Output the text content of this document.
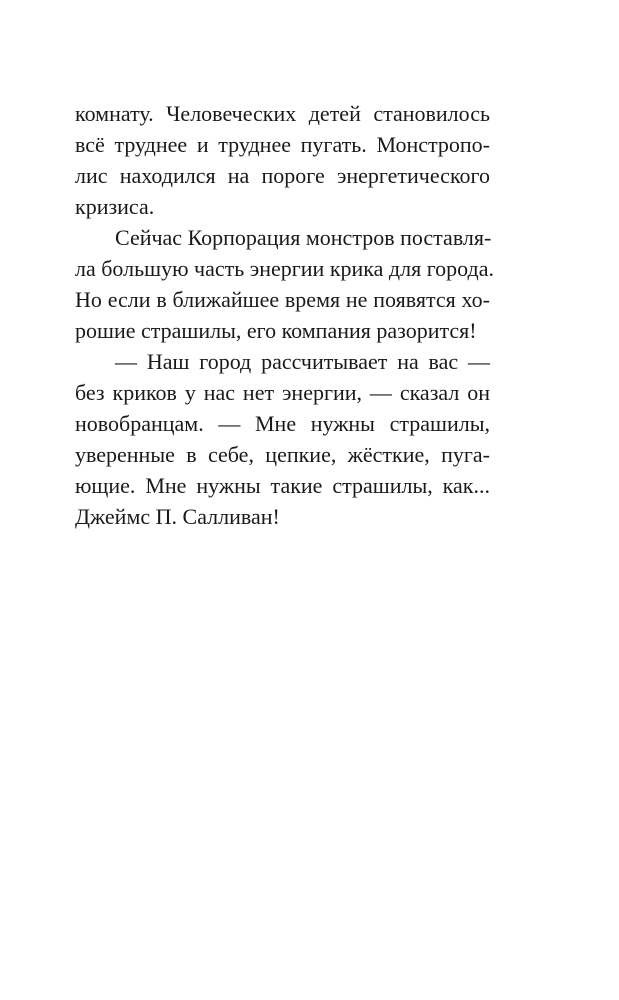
комнату. Человеческих детей становилось
всё труднее и труднее пугать. Монстропо-
лис находился на пороге энергетического
кризиса.
Сейчас Корпорация монстров поставля-
ла большую часть энергии крика для города.
Но если в ближайшее время не появятся хо-
рошие страшилы, его компания разорится!
— Наш город рассчитывает на вас —
без криков у нас нет энергии, — сказал он
новобранцам. — Мне нужны страшилы,
уверенные в себе, цепкие, жёсткие, пуга-
ющие. Мне нужны такие страшилы, как...
Джеймс П. Салливан!
